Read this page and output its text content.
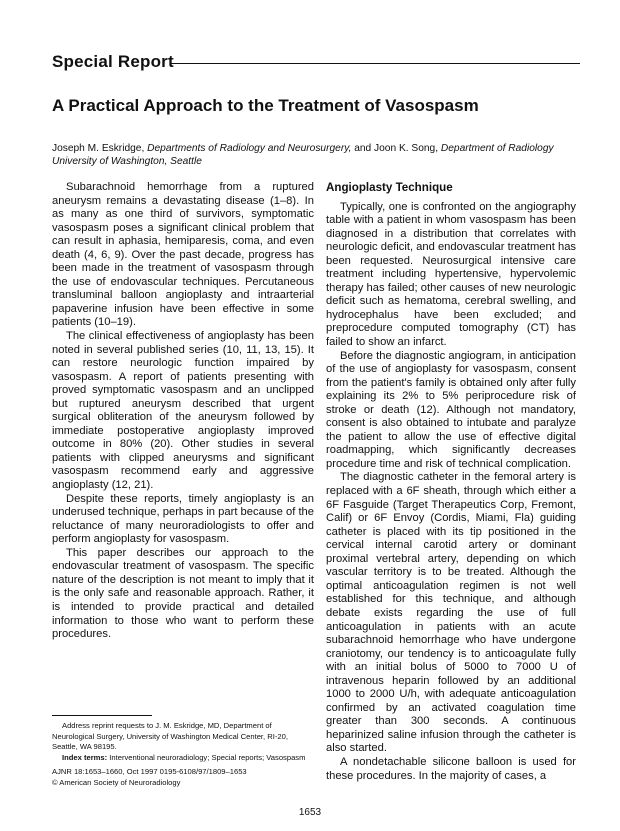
Special Report
A Practical Approach to the Treatment of Vasospasm
Joseph M. Eskridge, Departments of Radiology and Neurosurgery, and Joon K. Song, Department of Radiology University of Washington, Seattle

Subarachnoid hemorrhage from a ruptured aneurysm remains a devastating disease (1–8). In as many as one third of survivors, symptomatic vasospasm poses a significant clinical problem that can result in aphasia, hemiparesis, coma, and even death (4, 6, 9). Over the past decade, progress has been made in the treatment of vasospasm through the use of endovascular techniques. Percutaneous transluminal balloon angioplasty and intraarterial papaverine infusion have been effective in some patients (10–19).

The clinical effectiveness of angioplasty has been noted in several published series (10, 11, 13, 15). It can restore neurologic function impaired by vasospasm. A report of patients presenting with proved symptomatic vasospasm and an unclipped but ruptured aneurysm described that urgent surgical obliteration of the aneurysm followed by immediate postoperative angioplasty improved outcome in 80% (20). Other studies in several patients with clipped aneurysms and significant vasospasm recommend early and aggressive angioplasty (12, 21).

Despite these reports, timely angioplasty is an underused technique, perhaps in part because of the reluctance of many neuroradiologists to offer and perform angioplasty for vasospasm.

This paper describes our approach to the endovascular treatment of vasospasm. The specific nature of the description is not meant to imply that it is the only safe and reasonable approach. Rather, it is intended to provide practical and detailed information to those who want to perform these procedures.

Angioplasty Technique

Typically, one is confronted on the angiography table with a patient in whom vasospasm has been diagnosed in a distribution that correlates with neurologic deficit, and endovascular treatment has been requested. Neurosurgical intensive care treatment including hypertensive, hypervolemic therapy has failed; other causes of new neurologic deficit such as hematoma, cerebral swelling, and hydrocephalus have been excluded; and preprocedure computed tomography (CT) has failed to show an infarct.

Before the diagnostic angiogram, in anticipation of the use of angioplasty for vasospasm, consent from the patient's family is obtained only after fully explaining its 2% to 5% periprocedure risk of stroke or death (12). Although not mandatory, consent is also obtained to intubate and paralyze the patient to allow the use of effective digital roadmapping, which significantly decreases procedure time and risk of technical complication.

The diagnostic catheter in the femoral artery is replaced with a 6F sheath, through which either a 6F Fasguide (Target Therapeutics Corp, Fremont, Calif) or 6F Envoy (Cordis, Miami, Fla) guiding catheter is placed with its tip positioned in the cervical internal carotid artery or dominant proximal vertebral artery, depending on which vascular territory is to be treated. Although the optimal anticoagulation regimen is not well established for this technique, and although debate exists regarding the use of full anticoagulation in patients with an acute subarachnoid hemorrhage who have undergone craniotomy, our tendency is to anticoagulate fully with an initial bolus of 5000 to 7000 U of intravenous heparin followed by an additional 1000 to 2000 U/h, with adequate anticoagulation confirmed by an activated coagulation time greater than 300 seconds. A continuous heparinized saline infusion through the catheter is also started.

A nondetachable silicone balloon is used for these procedures. In the majority of cases, a

Address reprint requests to J. M. Eskridge, MD, Department of Neurological Surgery, University of Washington Medical Center, RI-20, Seattle, WA 98195.

Index terms: Interventional neuroradiology; Special reports; Vasospasm

AJNR 18:1653–1660, Oct 1997 0195-6108/97/1809–1653

© American Society of Neuroradiology

1653
